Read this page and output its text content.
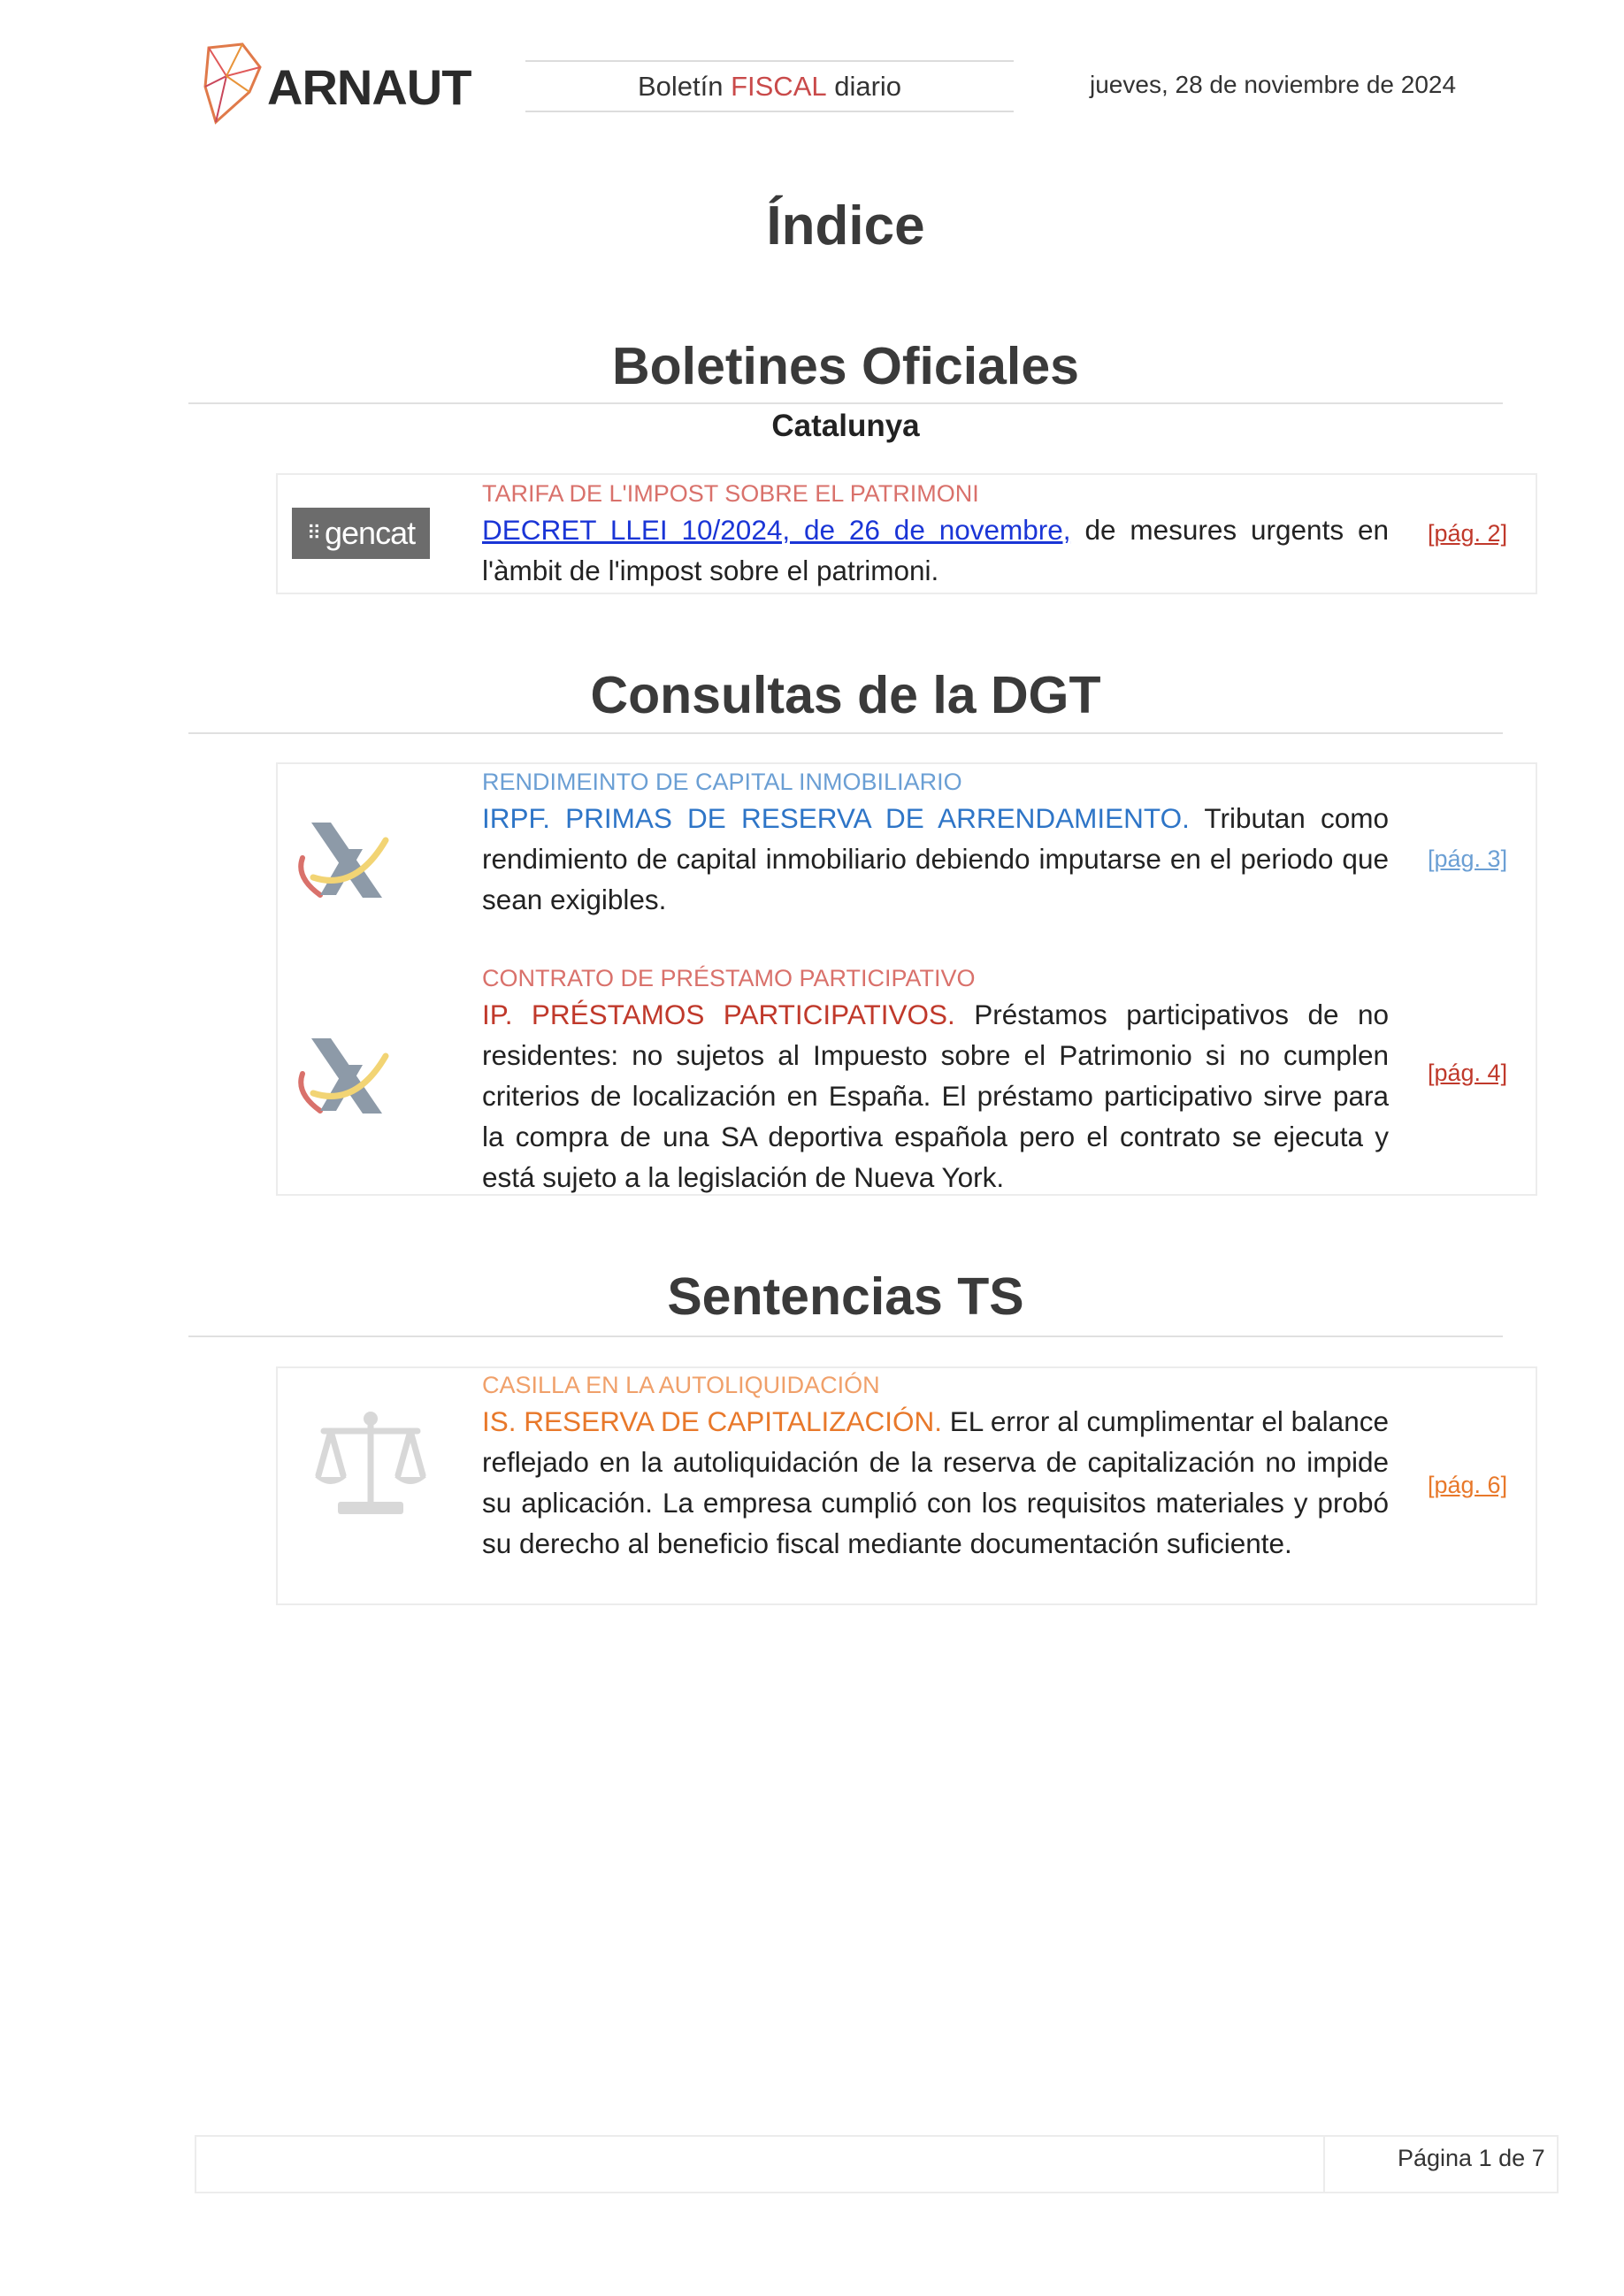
ARNAUT	Boletín FISCAL diario	jueves, 28 de noviembre de 2024
Índice
Boletines Oficiales
Catalunya
⠿ gencat
TARIFA DE L'IMPOST SOBRE EL PATRIMONI
DECRET LLEI 10/2024, de 26 de novembre, de mesures urgents en l'àmbit de l'impost sobre el patrimoni.
[pág. 2]
Consultas de la DGT
RENDIMEINTO DE CAPITAL INMOBILIARIO
IRPF. PRIMAS DE RESERVA DE ARRENDAMIENTO. Tributan como rendimiento de capital inmobiliario debiendo imputarse en el periodo que sean exigibles.
[pág. 3]
CONTRATO DE PRÉSTAMO PARTICIPATIVO
IP. PRÉSTAMOS PARTICIPATIVOS. Préstamos participativos de no residentes: no sujetos al Impuesto sobre el Patrimonio si no cumplen criterios de localización en España. El préstamo participativo sirve para la compra de una SA deportiva española pero el contrato se ejecuta y está sujeto a la legislación de Nueva York.
[pág. 4]
Sentencias TS
CASILLA EN LA AUTOLIQUIDACIÓN
IS. RESERVA DE CAPITALIZACIÓN. EL error al cumplimentar el balance reflejado en la autoliquidación de la reserva de capitalización no impide su aplicación. La empresa cumplió con los requisitos materiales y probó su derecho al beneficio fiscal mediante documentación suficiente.
[pág. 6]
Página 1 de 7
